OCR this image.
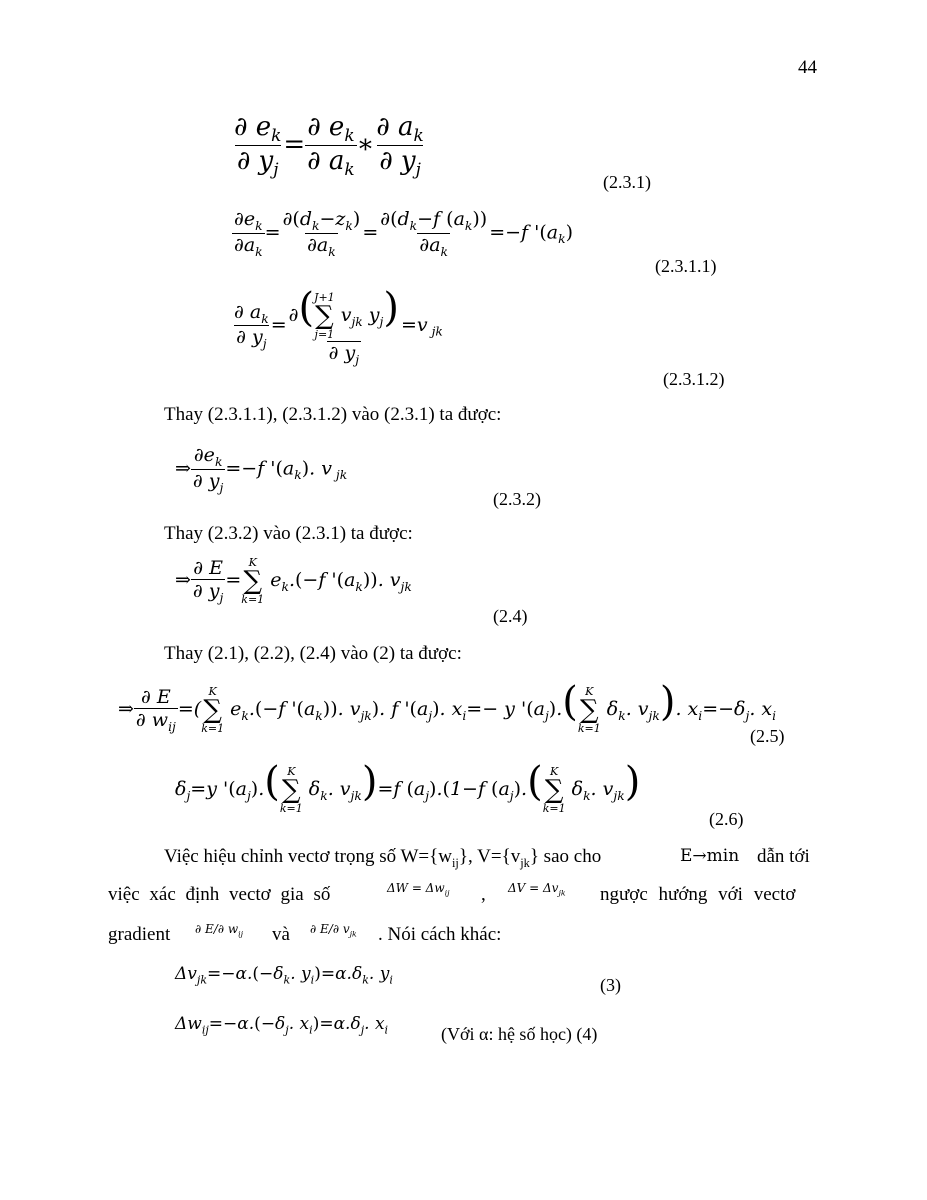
44
$\frac{\partial e_k}{\partial y_j} = \frac{\partial e_k}{\partial a_k}$ ∗ $\frac{\partial a_k}{\partial y_j}$
(2.3.1)
$\frac{\partial e_k}{\partial a_k} = \frac{\partial(d_k-z_k)}{\partial a_k} = \frac{\partial(d_k-f (a_k))}{\partial a_k} =-f$ '$(a_k)$
(2.3.1.1)
$\frac{\partial a_k}{\partial y_j}$ = ∂( J+1
∑
j=1
$v_{jk}$ $y_j$)
∂ $y_j =v$ $_{jk}$
(2.3.1.2)
Thay (2.3.1.1), (2.3.1.2) vào (2.3.1) ta được:
⇒ $\frac{\partial e_k}{\partial y_j} =-f$ '$(a_k)$. v $_{jk}$
(2.3.2)
Thay (2.3.2) vào (2.3.1) ta được:
⇒ $\frac{\partial E}{\partial y_j}$ =
K
∑
k=1
$e_k.(-f$ '$(a_k)$). $v_{jk}$
(2.4)
Thay (2.1), (2.2), (2.4) vào (2) ta được:
⇒ $\frac{\partial E}{\partial w_{ij}}$ =(
K
∑
k=1
$e_k.(-f$ '$(a_k)$). $v_{jk}$). f '$(a_j)$. $x_i=- y$ '$(a_j)$.( K
∑
k=1
$\delta_k$. $v_{jk}$). $x_i=-\delta_j$. $x_i$
(2.5)
$\delta_j=y$ '$(a_j)$.( K
∑
k=1
$\delta_k$. $v_{jk})=f$ $(a_j).(1-f$ $(a_j)$.( K
∑
k=1
$\delta_k$. $v_{jk}$)
(2.6)
Việc hiệu chỉnh vectơ trọng số $W=\{w_{ij}\}$, $V=\{v_{jk}\}$ sao cho	E→min dẫn tới
việc xác định vectơ gia số	$\Delta W = \Delta w_{ij}$ , $\Delta V = \Delta v_{jk}$ ngược hướng với vectơ
gradient ∂ E/∂ $w_{ij}$ và ∂ E/∂ $v_{jk}$ . Nói cách khác:
$\Delta v_{jk}=-\alpha.(-\delta_k$. $y_i)=\alpha.\delta_k$. $y_i$	(3)
$\Delta w_{ij}=-\alpha.(-\delta_j$. $x_i)=\alpha.\delta_j$. $x_i$	(Với α: hệ số học) (4)
